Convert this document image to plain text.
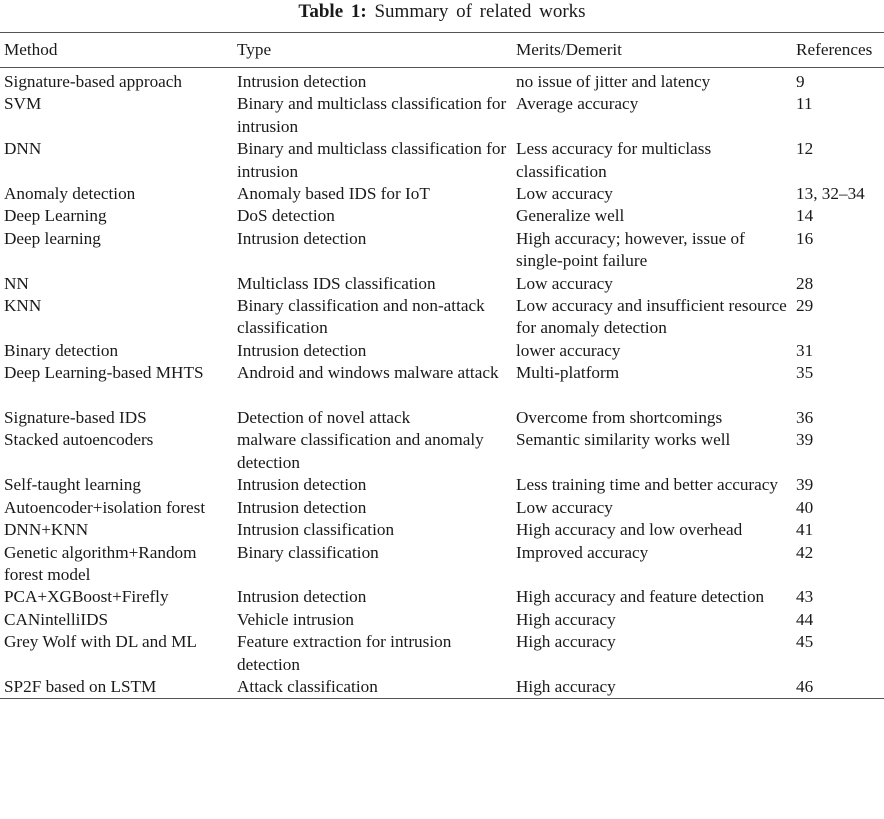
Table 1: Summary of related works
Method	Type	Merits/Demerit	References
Signature-based approach	Intrusion detection	no issue of jitter and latency	9
SVM	Binary and multiclass classification for intrusion	Average accuracy	11
DNN	Binary and multiclass classification for intrusion	Less accuracy for multiclass classification	12
Anomaly detection	Anomaly based IDS for IoT	Low accuracy	13, 32–34
Deep Learning	DoS detection	Generalize well	14
Deep learning	Intrusion detection	High accuracy; however, issue of single-point failure	16
NN	Multiclass IDS classification	Low accuracy	28
KNN	Binary classification and non-attack classification	Low accuracy and insufficient resource for anomaly detection	29
Binary detection	Intrusion detection	lower accuracy	31
Deep Learning-based MHTS	Android and windows malware attack	Multi-platform	35
Signature-based IDS	Detection of novel attack	Overcome from shortcomings	36
Stacked autoencoders	malware classification and anomaly detection	Semantic similarity works well	39
Self-taught learning	Intrusion detection	Less training time and better accuracy	39
Autoencoder+isolation forest	Intrusion detection	Low accuracy	40
DNN+KNN	Intrusion classification	High accuracy and low overhead	41
Genetic algorithm+Random forest model	Binary classification	Improved accuracy	42
PCA+XGBoost+Firefly	Intrusion detection	High accuracy and feature detection	43
CANintelliIDS	Vehicle intrusion	High accuracy	44
Grey Wolf with DL and ML	Feature extraction for intrusion detection	High accuracy	45
SP2F based on LSTM	Attack classification	High accuracy	46
